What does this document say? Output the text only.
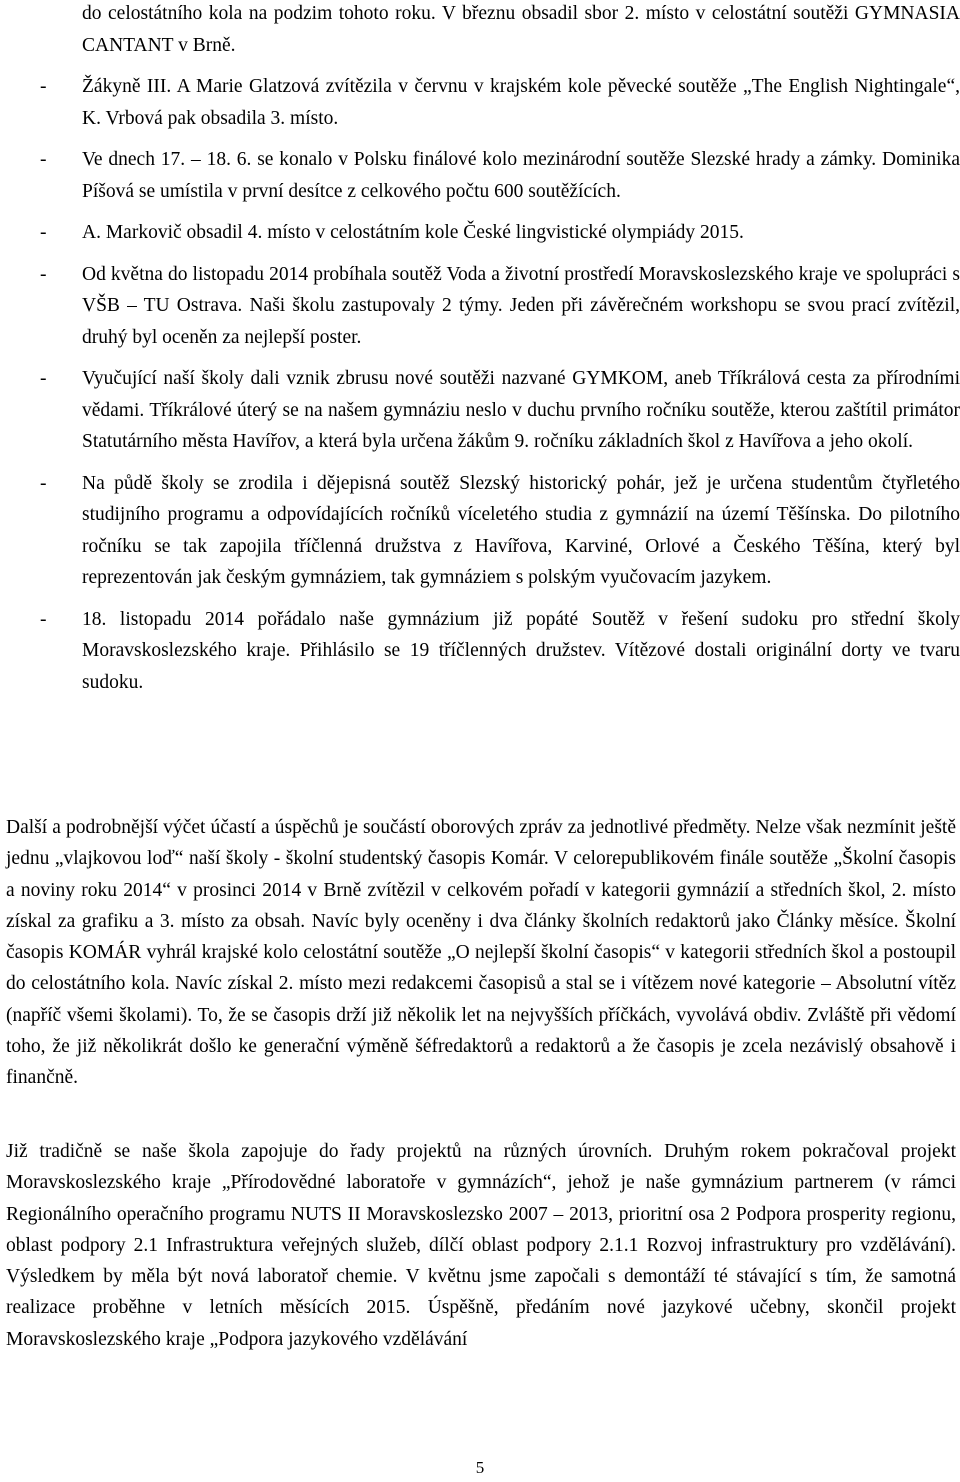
do celostátního kola na podzim tohoto roku. V březnu obsadil sbor 2. místo v celostátní soutěži GYMNASIA CANTANT v Brně.
- Žákyně III. A Marie Glatzová zvítězila v červnu v krajském kole pěvecké soutěže „The English Nightingale“, K. Vrbová pak obsadila 3. místo.
- Ve dnech 17. – 18. 6. se konalo v Polsku finálové kolo mezinárodní soutěže Slezské hrady a zámky. Dominika Píšová se umístila v první desítce z celkového počtu 600 soutěžících.
- A. Markovič obsadil 4. místo v celostátním kole České lingvistické olympiády 2015.
- Od května do listopadu 2014 probíhala soutěž Voda a životní prostředí Moravskoslezského kraje ve spolupráci s VŠB – TU Ostrava. Naši školu zastupovaly 2 týmy. Jeden při závěrečném workshopu se svou prací zvítězil, druhý byl oceněn za nejlepší poster.
- Vyučující naší školy dali vznik zbrusu nové soutěži nazvané GYMKOM, aneb Tříkrálová cesta za přírodními vědami. Tříkrálové úterý se na našem gymnáziu neslo v duchu prvního ročníku soutěže, kterou zaštítil primátor Statutárního města Havířov, a která byla určena žákům 9. ročníku základních škol z Havířova a jeho okolí.
- Na půdě školy se zrodila i dějepisná soutěž Slezský historický pohár, jež je určena studentům čtyřletého studijního programu a odpovídajících ročníků víceletého studia z gymnázií na území Těšínska. Do pilotního ročníku se tak zapojila tříčlenná družstva z Havířova, Karviné, Orlové a Českého Těšína, který byl reprezentován jak českým gymnáziem, tak gymnáziem s polským vyučovacím jazykem.
- 18. listopadu 2014 pořádalo naše gymnázium již popáté Soutěž v řešení sudoku pro střední školy Moravskoslezského kraje. Přihlásilo se 19 tříčlenných družstev. Vítězové dostali originální dorty ve tvaru sudoku.

Další a podrobnější výčet účastí a úspěchů je součástí oborových zpráv za jednotlivé předměty. Nelze však nezmínit ještě jednu „vlajkovou loď“ naší školy - školní studentský časopis Komár. V celorepublikovém finále soutěže „Školní časopis a noviny roku 2014“ v prosinci 2014 v Brně zvítězil v celkovém pořadí v kategorii gymnázií a středních škol, 2. místo získal za grafiku a 3. místo za obsah. Navíc byly oceněny i dva články školních redaktorů jako Články měsíce. Školní časopis KOMÁR vyhrál krajské kolo celostátní soutěže „O nejlepší školní časopis“ v kategorii středních škol a postoupil do celostátního kola. Navíc získal 2. místo mezi redakcemi časopisů a stal se i vítězem nové kategorie – Absolutní vítěz (napříč všemi školami). To, že se časopis drží již několik let na nejvyšších příčkách, vyvolává obdiv. Zvláště při vědomí toho, že již několikrát došlo ke generační výměně šéfredaktorů a redaktorů a že časopis je zcela nezávislý obsahově i finančně.

Již tradičně se naše škola zapojuje do řady projektů na různých úrovních. Druhým rokem pokračoval projekt Moravskoslezského kraje „Přírodovědné laboratoře v gymnázích“, jehož je naše gymnázium partnerem (v rámci Regionálního operačního programu NUTS II Moravskoslezsko 2007 – 2013, prioritní osa 2 Podpora prosperity regionu, oblast podpory 2.1 Infrastruktura veřejných služeb, dílčí oblast podpory 2.1.1 Rozvoj infrastruktury pro vzdělávání). Výsledkem by měla být nová laboratoř chemie. V květnu jsme započali s demontáží té stávající s tím, že samotná realizace proběhne v letních měsících 2015. Úspěšně, předáním nové jazykové učebny, skončil projekt Moravskoslezského kraje „Podpora jazykového vzdělávání

5
